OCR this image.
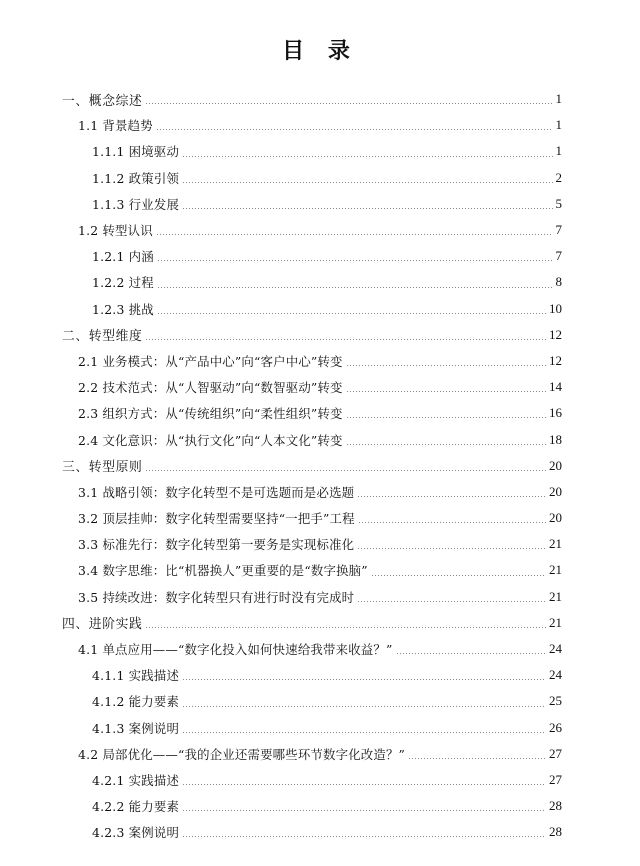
目 录
一、概念综述	1
1.1 背景趋势	1
1.1.1 困境驱动	1
1.1.2 政策引领	2
1.1.3 行业发展	5
1.2 转型认识	7
1.2.1 内涵	7
1.2.2 过程	8
1.2.3 挑战	10
二、转型维度	12
2.1 业务模式：从“产品中心”向“客户中心”转变	12
2.2 技术范式：从“人智驱动”向“数智驱动”转变	14
2.3 组织方式：从“传统组织”向“柔性组织”转变	16
2.4 文化意识：从“执行文化”向“人本文化”转变	18
三、转型原则	20
3.1 战略引领：数字化转型不是可选题而是必选题	20
3.2 顶层挂帅：数字化转型需要坚持“一把手”工程	20
3.3 标准先行：数字化转型第一要务是实现标准化	21
3.4 数字思维：比“机器换人”更重要的是“数字换脑”	21
3.5 持续改进：数字化转型只有进行时没有完成时	21
四、进阶实践	21
4.1 单点应用——“数字化投入如何快速给我带来收益？”	24
4.1.1 实践描述	24
4.1.2 能力要素	25
4.1.3 案例说明	26
4.2 局部优化——“我的企业还需要哪些环节数字化改造？”	27
4.2.1 实践描述	27
4.2.2 能力要素	28
4.2.3 案例说明	28
